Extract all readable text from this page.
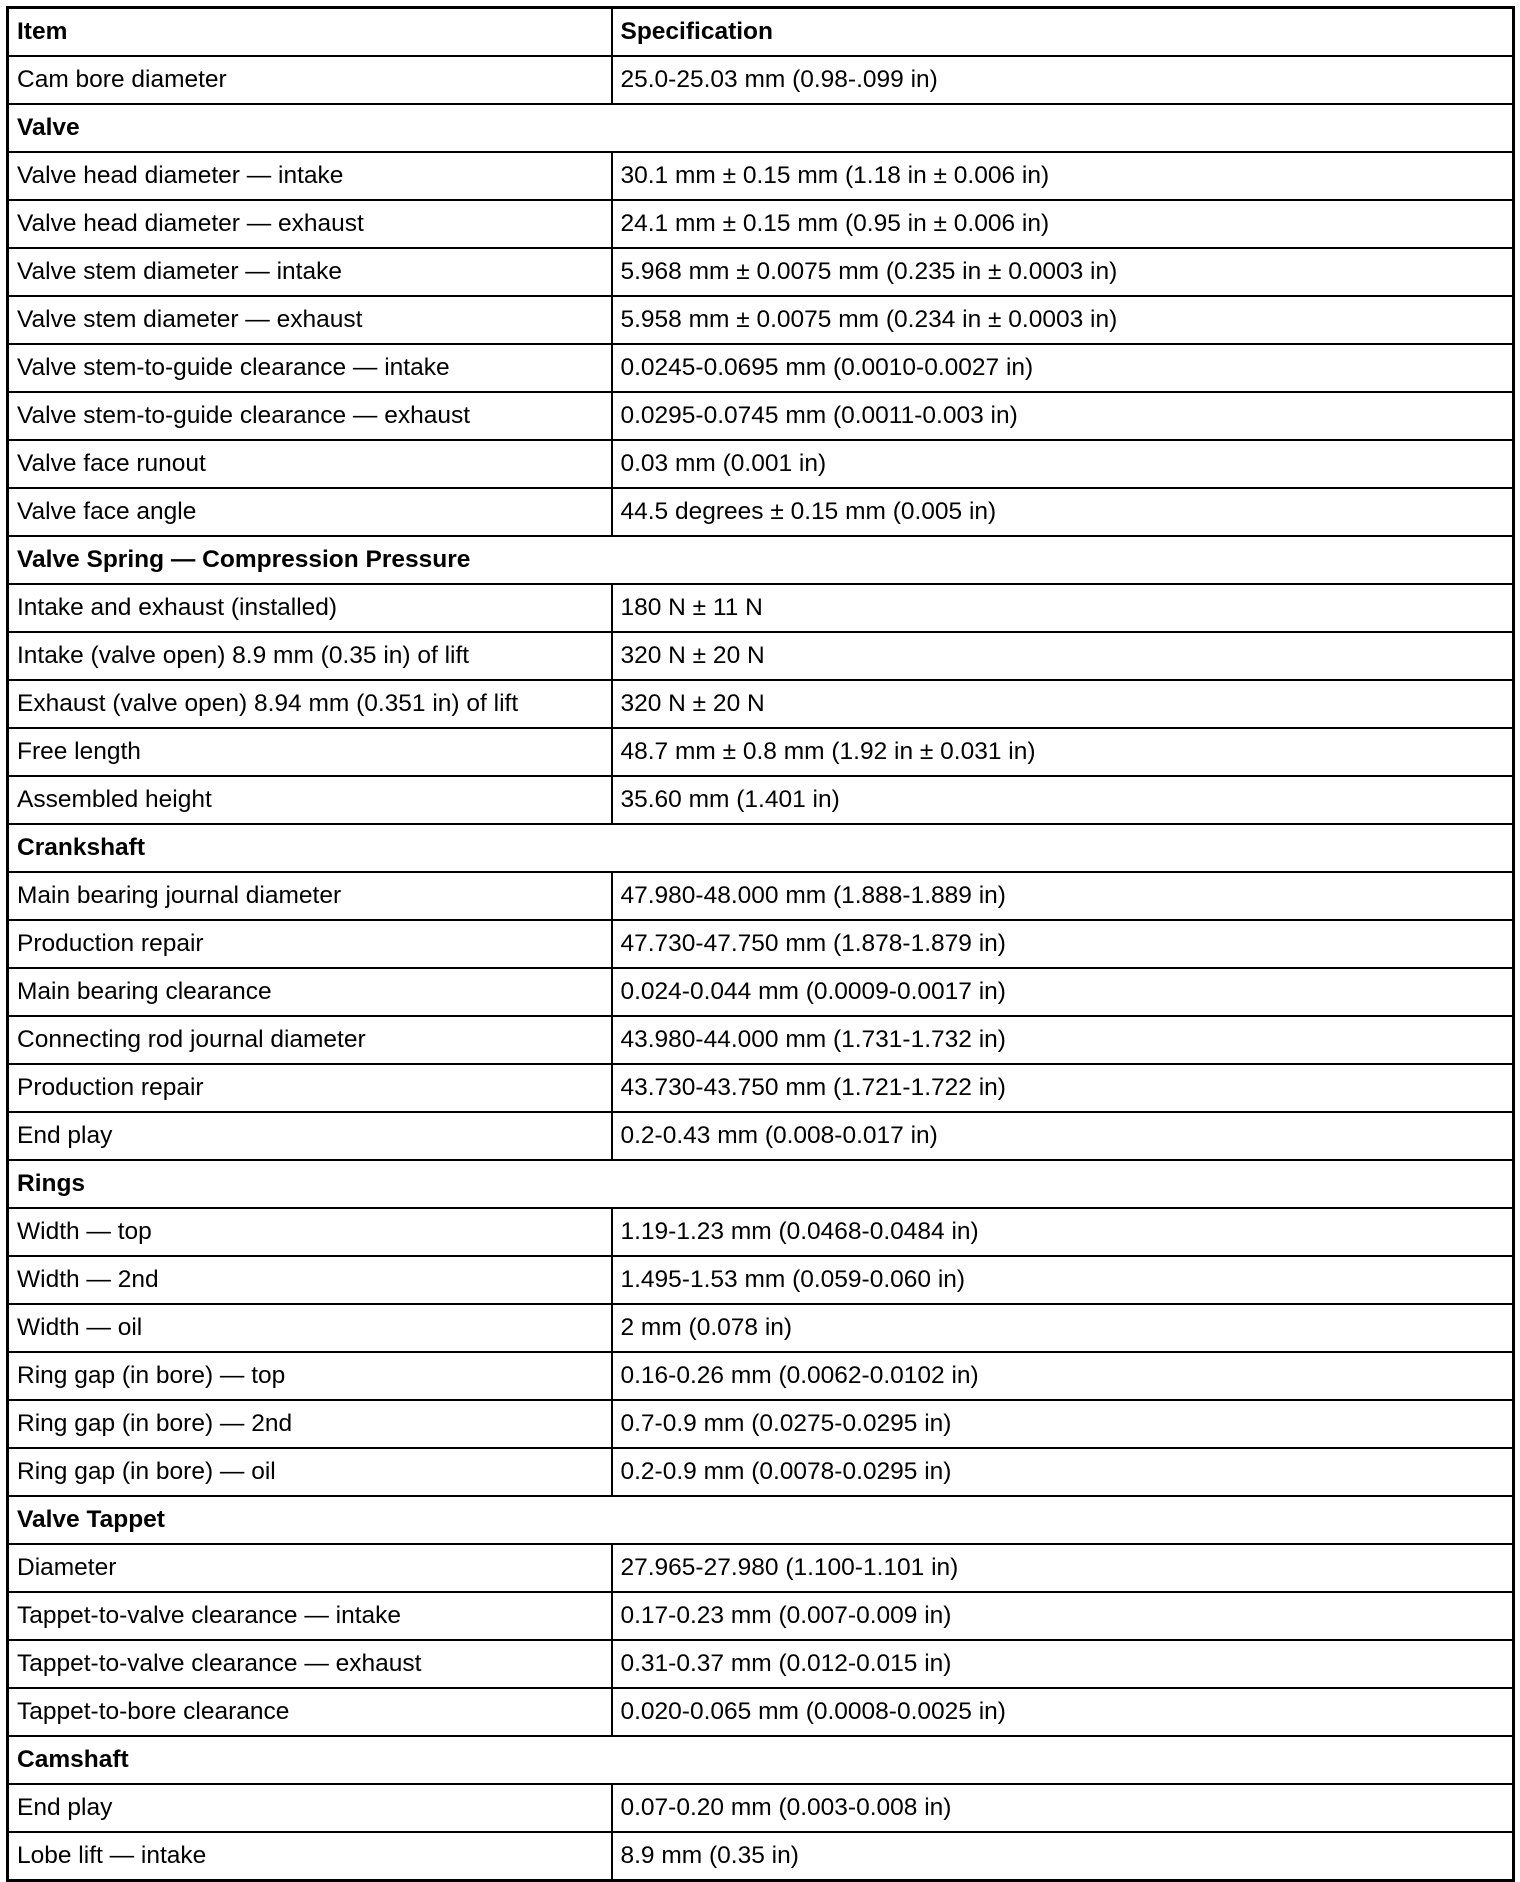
Item	Specification
Cam bore diameter	25.0-25.03 mm (0.98-.099 in)
Valve	
Valve head diameter — intake	30.1 mm ± 0.15 mm (1.18 in ± 0.006 in)
Valve head diameter — exhaust	24.1 mm ± 0.15 mm (0.95 in ± 0.006 in)
Valve stem diameter — intake	5.968 mm ± 0.0075 mm (0.235 in ± 0.0003 in)
Valve stem diameter — exhaust	5.958 mm ± 0.0075 mm (0.234 in ± 0.0003 in)
Valve stem-to-guide clearance — intake	0.0245-0.0695 mm (0.0010-0.0027 in)
Valve stem-to-guide clearance — exhaust	0.0295-0.0745 mm (0.0011-0.003 in)
Valve face runout	0.03 mm (0.001 in)
Valve face angle	44.5 degrees ± 0.15 mm (0.005 in)
Valve Spring — Compression Pressure	
Intake and exhaust (installed)	180 N ± 11 N
Intake (valve open) 8.9 mm (0.35 in) of lift	320 N ± 20 N
Exhaust (valve open) 8.94 mm (0.351 in) of lift	320 N ± 20 N
Free length	48.7 mm ± 0.8 mm (1.92 in ± 0.031 in)
Assembled height	35.60 mm (1.401 in)
Crankshaft	
Main bearing journal diameter	47.980-48.000 mm (1.888-1.889 in)
Production repair	47.730-47.750 mm (1.878-1.879 in)
Main bearing clearance	0.024-0.044 mm (0.0009-0.0017 in)
Connecting rod journal diameter	43.980-44.000 mm (1.731-1.732 in)
Production repair	43.730-43.750 mm (1.721-1.722 in)
End play	0.2-0.43 mm (0.008-0.017 in)
Rings	
Width — top	1.19-1.23 mm (0.0468-0.0484 in)
Width — 2nd	1.495-1.53 mm (0.059-0.060 in)
Width — oil	2 mm (0.078 in)
Ring gap (in bore) — top	0.16-0.26 mm (0.0062-0.0102 in)
Ring gap (in bore) — 2nd	0.7-0.9 mm (0.0275-0.0295 in)
Ring gap (in bore) — oil	0.2-0.9 mm (0.0078-0.0295 in)
Valve Tappet	
Diameter	27.965-27.980 (1.100-1.101 in)
Tappet-to-valve clearance — intake	0.17-0.23 mm (0.007-0.009 in)
Tappet-to-valve clearance — exhaust	0.31-0.37 mm (0.012-0.015 in)
Tappet-to-bore clearance	0.020-0.065 mm (0.0008-0.0025 in)
Camshaft	
End play	0.07-0.20 mm (0.003-0.008 in)
Lobe lift — intake	8.9 mm (0.35 in)
